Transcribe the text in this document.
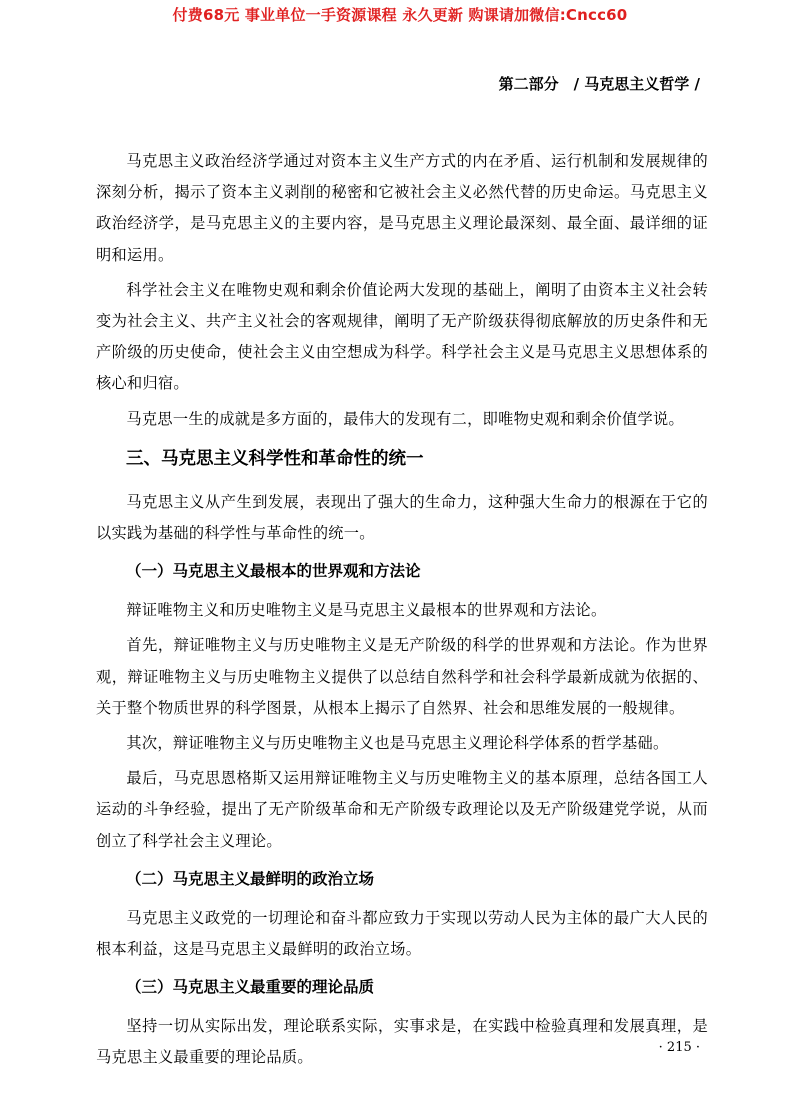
付费68元 事业单位一手资源课程 永久更新 购课请加微信:Cncc60
第二部分　/ 马克思主义哲学 /

马克思主义政治经济学通过对资本主义生产方式的内在矛盾、运行机制和发展规律的深刻分析，揭示了资本主义剥削的秘密和它被社会主义必然代替的历史命运。马克思主义政治经济学，是马克思主义的主要内容，是马克思主义理论最深刻、最全面、最详细的证明和运用。

科学社会主义在唯物史观和剩余价值论两大发现的基础上，阐明了由资本主义社会转变为社会主义、共产主义社会的客观规律，阐明了无产阶级获得彻底解放的历史条件和无产阶级的历史使命，使社会主义由空想成为科学。科学社会主义是马克思主义思想体系的核心和归宿。

马克思一生的成就是多方面的，最伟大的发现有二，即唯物史观和剩余价值学说。

三、马克思主义科学性和革命性的统一

马克思主义从产生到发展，表现出了强大的生命力，这种强大生命力的根源在于它的以实践为基础的科学性与革命性的统一。

（一）马克思主义最根本的世界观和方法论

辩证唯物主义和历史唯物主义是马克思主义最根本的世界观和方法论。

首先，辩证唯物主义与历史唯物主义是无产阶级的科学的世界观和方法论。作为世界观，辩证唯物主义与历史唯物主义提供了以总结自然科学和社会科学最新成就为依据的、关于整个物质世界的科学图景，从根本上揭示了自然界、社会和思维发展的一般规律。

其次，辩证唯物主义与历史唯物主义也是马克思主义理论科学体系的哲学基础。

最后，马克思恩格斯又运用辩证唯物主义与历史唯物主义的基本原理，总结各国工人运动的斗争经验，提出了无产阶级革命和无产阶级专政理论以及无产阶级建党学说，从而创立了科学社会主义理论。

（二）马克思主义最鲜明的政治立场

马克思主义政党的一切理论和奋斗都应致力于实现以劳动人民为主体的最广大人民的根本利益，这是马克思主义最鲜明的政治立场。

（三）马克思主义最重要的理论品质

坚持一切从实际出发，理论联系实际，实事求是，在实践中检验真理和发展真理，是马克思主义最重要的理论品质。

· 215 ·
